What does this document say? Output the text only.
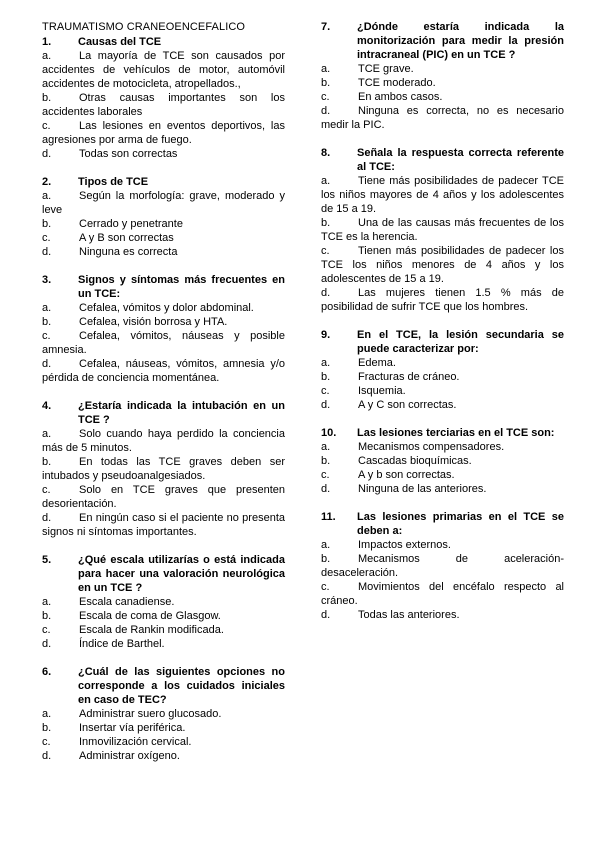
TRAUMATISMO CRANEOENCEFALICO
1.	Causas del TCE

a.	La mayoría de TCE son causados por accidentes de vehículos de motor, automóvil accidentes de motocicleta, atropellados.,

b.	Otras causas importantes son los accidentes laborales

c.	Las lesiones en eventos deportivos, las agresiones por arma de fuego.

d.	Todas son correctas

2.	Tipos de TCE

a.	Según la morfología: grave, moderado y leve

b.	Cerrado y penetrante

c.	A y B son correctas

d.	Ninguna es correcta

3.	Signos y síntomas más frecuentes en un TCE:

a.	Cefalea, vómitos y dolor abdominal.

b.	Cefalea, visión borrosa y HTA.

c.	Cefalea, vómitos, náuseas y posible amnesia.

d.	Cefalea, náuseas, vómitos, amnesia y/o pérdida de conciencia momentánea.

4.	¿Estaría indicada la intubación en un TCE ?

a.	Solo cuando haya perdido la conciencia más de 5 minutos.

b.	En todas las TCE graves deben ser intubados y pseudoanalgesiados.

c.	Solo en TCE graves que presenten desorientación.

d.	En ningún caso si el paciente no presenta signos ni síntomas importantes.

5.	¿Qué escala utilizarías o está indicada para hacer una valoración neurológica en un TCE ?

a.	Escala canadiense.

b.	Escala de coma de Glasgow.

c.	Escala de Rankin modificada.

d.	Índice de Barthel.

6.	¿Cuál de las siguientes opciones no corresponde a los cuidados iniciales en caso de TEC?

a.	Administrar suero glucosado.

b.	Insertar vía periférica.

c.	Inmovilización cervical.

d.	Administrar oxígeno.

7.	¿Dónde estaría indicada la monitorización para medir la presión intracraneal (PIC) en un TCE ?

a.	TCE grave.

b.	TCE moderado.

c.	En ambos casos.

d.	Ninguna es correcta, no es necesario medir la PIC.

8.	Señala la respuesta correcta referente al TCE:

a.	Tiene más posibilidades de padecer TCE los niños mayores de 4 años y los adolescentes de 15 a 19.

b.	Una de las causas más frecuentes de los TCE es la herencia.

c.	Tienen más posibilidades de padecer los TCE los niños menores de 4 años y los adolescentes de 15 a 19.

d.	Las mujeres tienen 1.5 % más de posibilidad de sufrir TCE que los hombres.

9.	En el TCE, la lesión secundaria se puede caracterizar por:

a.	Edema.

b.	Fracturas de cráneo.

c.	Isquemia.

d.	A y C son correctas.

10.	Las lesiones terciarias en el TCE son:

a.	Mecanismos compensadores.

b.	Cascadas bioquímicas.

c.	A y b son correctas.

d.	Ninguna de las anteriores.

11.	Las lesiones primarias en el TCE se deben a:

a.	Impactos externos.

b.	Mecanismos de aceleración-desaceleración.

c.	Movimientos del encéfalo respecto al cráneo.

d.	Todas las anteriores.
